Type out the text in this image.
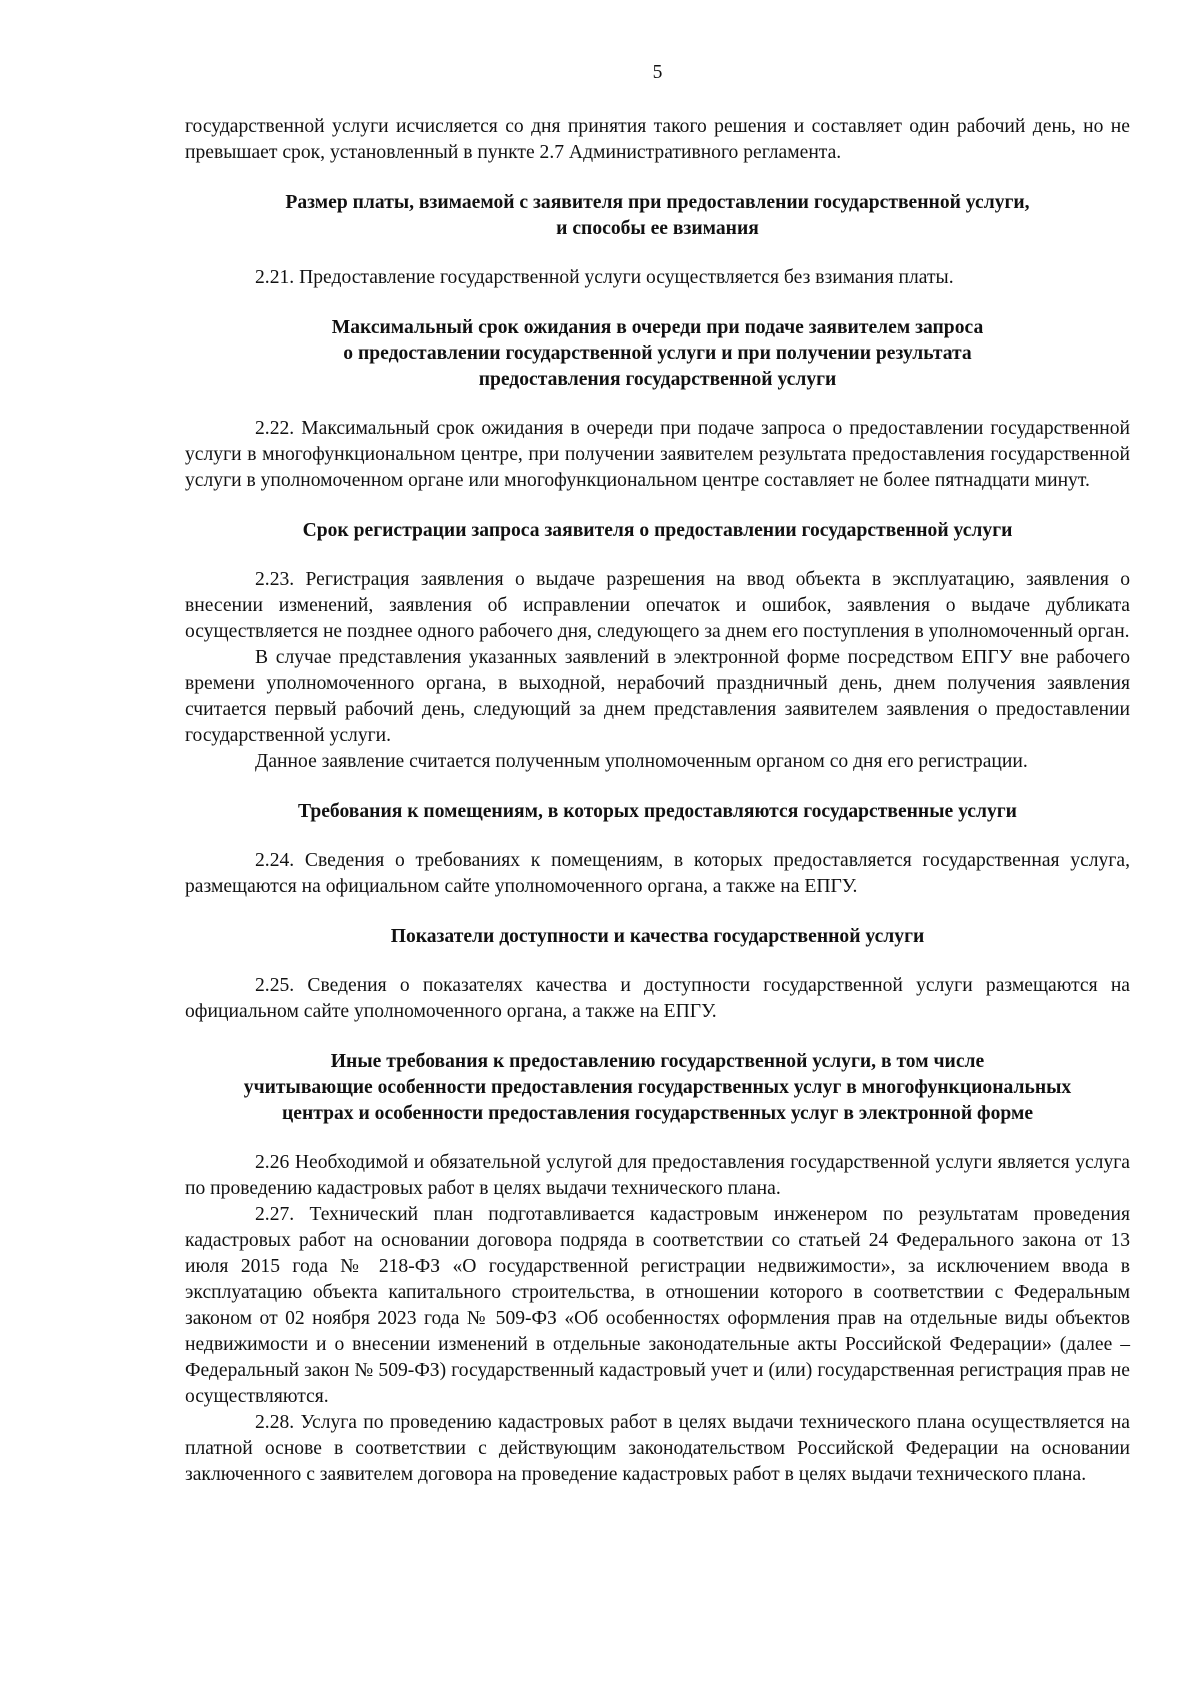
5

государственной услуги исчисляется со дня принятия такого решения и составляет один рабочий день, но не превышает срок, установленный в пункте 2.7 Административного регламента.

Размер платы, взимаемой с заявителя при предоставлении государственной услуги,
и способы ее взимания

2.21. Предоставление государственной услуги осуществляется без взимания платы.

Максимальный срок ожидания в очереди при подаче заявителем запроса
о предоставлении государственной услуги и при получении результата
предоставления государственной услуги

2.22. Максимальный срок ожидания в очереди при подаче запроса о предоставлении государственной услуги в многофункциональном центре, при получении заявителем результата предоставления государственной услуги в уполномоченном органе или многофункциональном центре составляет не более пятнадцати минут.

Срок регистрации запроса заявителя о предоставлении государственной услуги

2.23. Регистрация заявления о выдаче разрешения на ввод объекта в эксплуатацию, заявления о внесении изменений, заявления об исправлении опечаток и ошибок, заявления о выдаче дубликата осуществляется не позднее одного рабочего дня, следующего за днем его поступления в уполномоченный орган.

В случае представления указанных заявлений в электронной форме посредством ЕПГУ вне рабочего времени уполномоченного органа, в выходной, нерабочий праздничный день, днем получения заявления считается первый рабочий день, следующий за днем представления заявителем заявления о предоставлении государственной услуги.

Данное заявление считается полученным уполномоченным органом со дня его регистрации.

Требования к помещениям, в которых предоставляются государственные услуги

2.24. Сведения о требованиях к помещениям, в которых предоставляется государственная услуга, размещаются на официальном сайте уполномоченного органа, а также на ЕПГУ.

Показатели доступности и качества государственной услуги

2.25. Сведения о показателях качества и доступности государственной услуги размещаются на официальном сайте уполномоченного органа, а также на ЕПГУ.

Иные требования к предоставлению государственной услуги, в том числе
учитывающие особенности предоставления государственных услуг в многофункциональных
центрах и особенности предоставления государственных услуг в электронной форме

2.26 Необходимой и обязательной услугой для предоставления государственной услуги является услуга по проведению кадастровых работ в целях выдачи технического плана.

2.27. Технический план подготавливается кадастровым инженером по результатам проведения кадастровых работ на основании договора подряда в соответствии со статьей 24 Федерального закона от 13 июля 2015 года № 218-ФЗ «О государственной регистрации недвижимости», за исключением ввода в эксплуатацию объекта капитального строительства, в отношении которого в соответствии с Федеральным законом от 02 ноября 2023 года № 509-ФЗ «Об особенностях оформления прав на отдельные виды объектов недвижимости и о внесении изменений в отдельные законодательные акты Российской Федерации» (далее – Федеральный закон № 509-ФЗ) государственный кадастровый учет и (или) государственная регистрация прав не осуществляются.

2.28. Услуга по проведению кадастровых работ в целях выдачи технического плана осуществляется на платной основе в соответствии с действующим законодательством Российской Федерации на основании заключенного с заявителем договора на проведение кадастровых работ в целях выдачи технического плана.
